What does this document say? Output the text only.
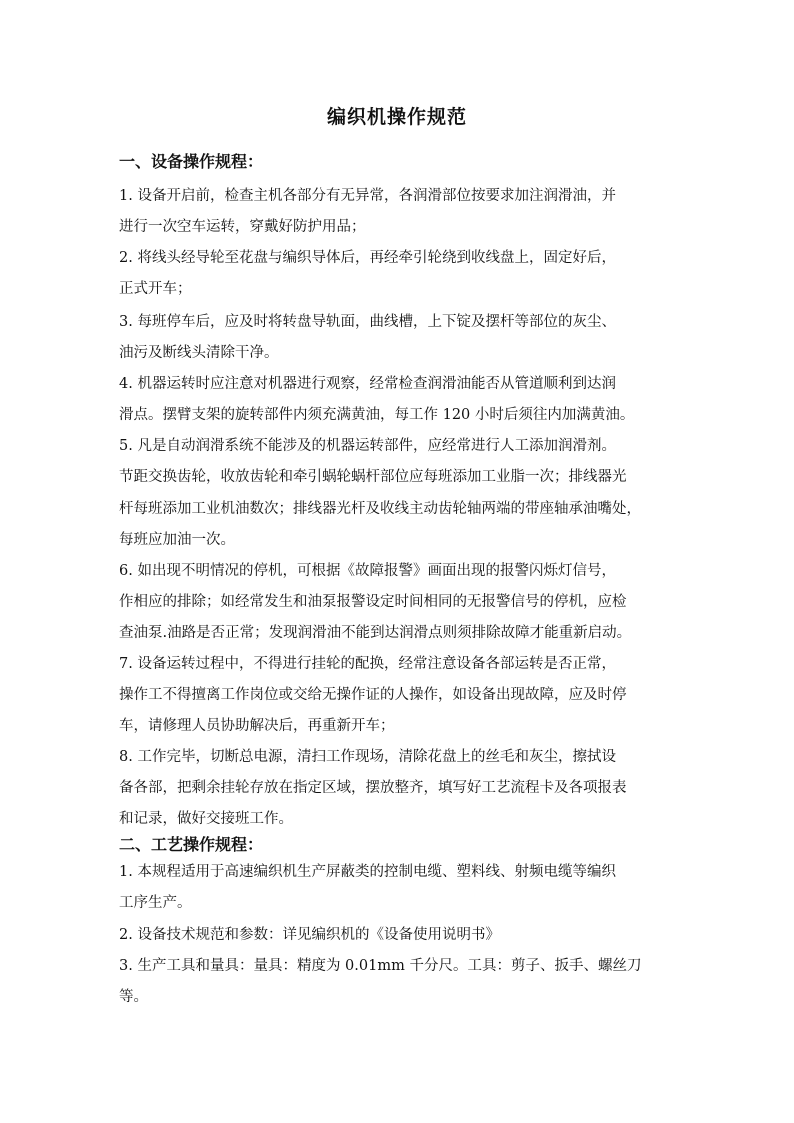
编织机操作规范
一、设备操作规程：
1. 设备开启前，检查主机各部分有无异常，各润滑部位按要求加注润滑油，并
进行一次空车运转，穿戴好防护用品；
2. 将线头经导轮至花盘与编织导体后，再经牵引轮绕到收线盘上，固定好后，
正式开车；
3. 每班停车后，应及时将转盘导轨面，曲线槽，上下锭及摆杆等部位的灰尘、
油污及断线头清除干净。
4. 机器运转时应注意对机器进行观察，经常检查润滑油能否从管道顺利到达润
滑点。摆臂支架的旋转部件内须充满黄油，每工作 120 小时后须往内加满黄油。
5. 凡是自动润滑系统不能涉及的机器运转部件，应经常进行人工添加润滑剂。
节距交换齿轮，收放齿轮和牵引蜗轮蜗杆部位应每班添加工业脂一次；排线器光
杆每班添加工业机油数次；排线器光杆及收线主动齿轮轴两端的带座轴承油嘴处，
每班应加油一次。
6. 如出现不明情况的停机，可根据《故障报警》画面出现的报警闪烁灯信号，
作相应的排除；如经常发生和油泵报警设定时间相同的无报警信号的停机，应检
查油泵.油路是否正常；发现润滑油不能到达润滑点则须排除故障才能重新启动。
7. 设备运转过程中，不得进行挂轮的配换，经常注意设备各部运转是否正常，
操作工不得擅离工作岗位或交给无操作证的人操作，如设备出现故障，应及时停
车，请修理人员协助解决后，再重新开车；
8. 工作完毕，切断总电源，清扫工作现场，清除花盘上的丝毛和灰尘，擦拭设
备各部，把剩余挂轮存放在指定区域，摆放整齐，填写好工艺流程卡及各项报表
和记录，做好交接班工作。
二、工艺操作规程：
1. 本规程适用于高速编织机生产屏蔽类的控制电缆、塑料线、射频电缆等编织
工序生产。
2. 设备技术规范和参数：详见编织机的《设备使用说明书》
3. 生产工具和量具：量具：精度为 0.01mm 千分尺。工具：剪子、扳手、螺丝刀
等。
